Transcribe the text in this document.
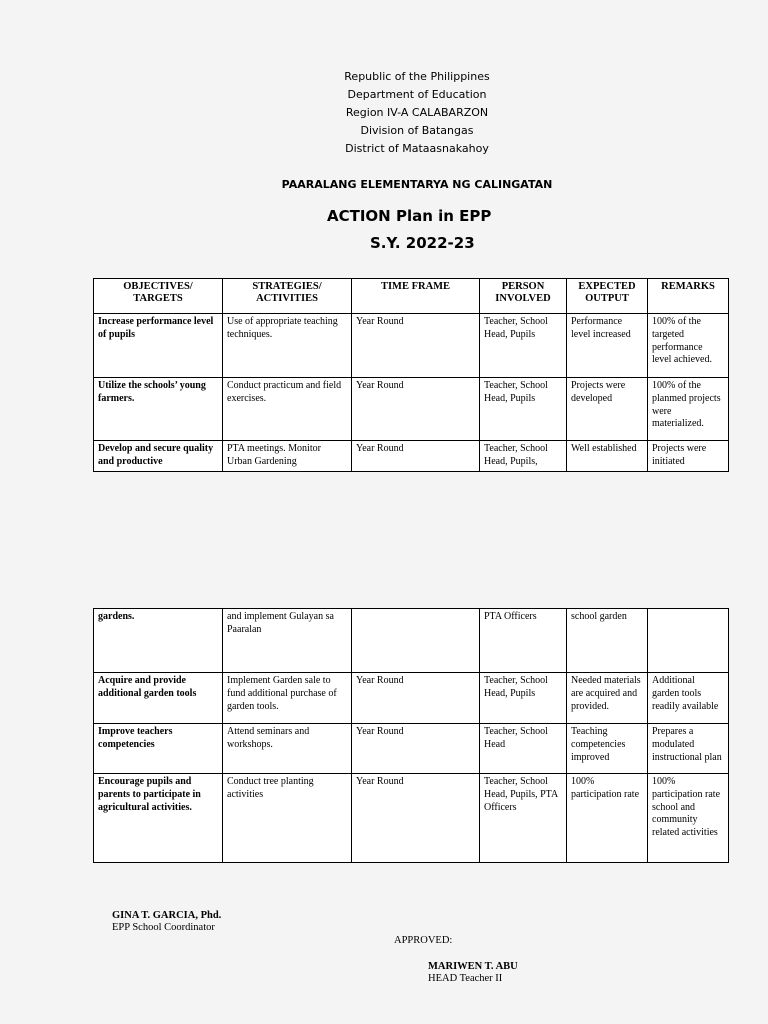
Republic of the Philippines
Department of Education
Region IV-A CALABARZON
Division of Batangas
District of Mataasnakahoy
PAARALANG ELEMENTARYA NG CALINGATAN
ACTION Plan in EPP
S.Y. 2022-23
OBJECTIVES/ TARGETS	STRATEGIES/ ACTIVITIES	TIME FRAME	PERSON INVOLVED	EXPECTED OUTPUT	REMARKS
Increase performance level of pupils	Use of appropriate teaching techniques.	Year Round	Teacher, School Head, Pupils	Performance level increased	100% of the targeted performance level achieved.
Utilize the schools’ young farmers.	Conduct practicum and field exercises.	Year Round	Teacher, School Head, Pupils	Projects were developed	100% of the planmed projects were materialized.
Develop and secure quality and productive	PTA meetings. Monitor Urban Gardening	Year Round	Teacher, School Head, Pupils,	Well established	Projects were initiated
gardens.	and implement Gulayan sa Paaralan		PTA Officers	school garden	
Acquire and provide additional garden tools	Implement Garden sale to fund additional purchase of garden tools.	Year Round	Teacher, School Head, Pupils	Needed materials are acquired and provided.	Additional garden tools readily available
Improve teachers competencies	Attend seminars and workshops.	Year Round	Teacher, School Head	Teaching competencies improved	Prepares a modulated instructional plan
Encourage pupils and parents to participate in agricultural activities.	Conduct tree planting activities	Year Round	Teacher, School Head, Pupils, PTA Officers	100% participation rate	100% participation rate school and community related activities
GINA T. GARCIA, Phd.
EPP School Coordinator
APPROVED:
MARIWEN T. ABU
HEAD Teacher II
